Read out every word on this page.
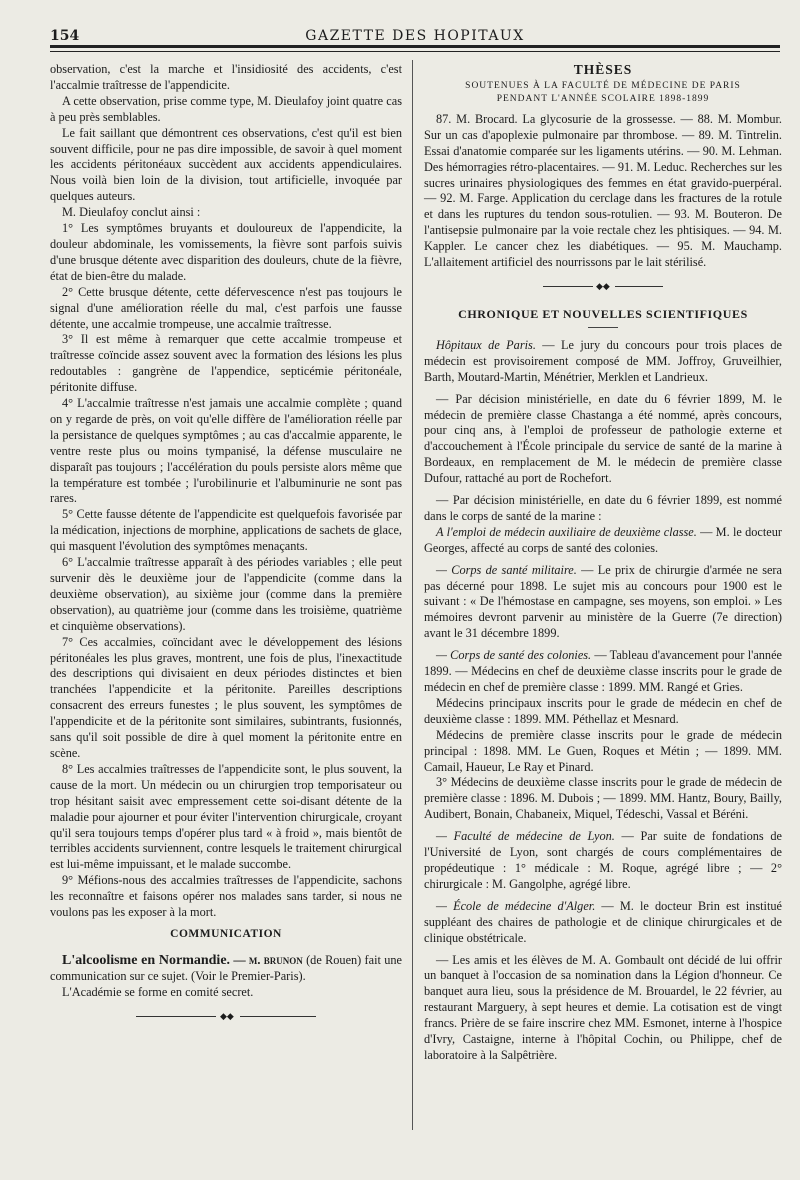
154	GAZETTE DES HOPITAUX

observation, c'est la marche et l'insidiosité des accidents, c'est l'accalmie traîtresse de l'appendicite.

A cette observation, prise comme type, M. Dieulafoy joint quatre cas à peu près semblables.

Le fait saillant que démontrent ces observations, c'est qu'il est bien souvent difficile, pour ne pas dire impossible, de savoir à quel moment les accidents péritonéaux succèdent aux accidents appendiculaires. Nous voilà bien loin de la division, tout artificielle, invoquée par quelques auteurs.

M. Dieulafoy conclut ainsi :

1° Les symptômes bruyants et douloureux de l'appendicite, la douleur abdominale, les vomissements, la fièvre sont parfois suivis d'une brusque détente avec disparition des douleurs, chute de la fièvre, état de bien-être du malade.

2° Cette brusque détente, cette défervescence n'est pas toujours le signal d'une amélioration réelle du mal, c'est parfois une fausse détente, une accalmie trompeuse, une accalmie traîtresse.

3° Il est même à remarquer que cette accalmie trompeuse et traîtresse coïncide assez souvent avec la formation des lésions les plus redoutables : gangrène de l'appendice, septicémie péritonéale, péritonite diffuse.

4° L'accalmie traîtresse n'est jamais une accalmie complète ; quand on y regarde de près, on voit qu'elle diffère de l'amélioration réelle par la persistance de quelques symptômes ; au cas d'accalmie apparente, le ventre reste plus ou moins tympanisé, la défense musculaire ne disparaît pas toujours ; l'accélération du pouls persiste alors même que la température est tombée ; l'urobilinurie et l'albuminurie ne sont pas rares.

5° Cette fausse détente de l'appendicite est quelquefois favorisée par la médication, injections de morphine, applications de sachets de glace, qui masquent l'évolution des symptômes menaçants.

6° L'accalmie traîtresse apparaît à des périodes variables ; elle peut survenir dès le deuxième jour de l'appendicite (comme dans la deuxième observation), au sixième jour (comme dans la première observation), au quatrième jour (comme dans les troisième, quatrième et cinquième observations).

7° Ces accalmies, coïncidant avec le développement des lésions péritonéales les plus graves, montrent, une fois de plus, l'inexactitude des descriptions qui divisaient en deux périodes distinctes et bien tranchées l'appendicite et la péritonite. Pareilles descriptions consacrent des erreurs funestes ; le plus souvent, les symptômes de l'appendicite et de la péritonite sont similaires, subintrants, fusionnés, sans qu'il soit possible de dire à quel moment la péritonite entre en scène.

8° Les accalmies traîtresses de l'appendicite sont, le plus souvent, la cause de la mort. Un médecin ou un chirurgien trop temporisateur ou trop hésitant saisit avec empressement cette soi-disant détente de la maladie pour ajourner et pour éviter l'intervention chirurgicale, croyant qu'il sera toujours temps d'opérer plus tard « à froid », mais bientôt de terribles accidents surviennent, contre lesquels le traitement chirurgical est lui-même impuissant, et le malade succombe.

9° Méfions-nous des accalmies traîtresses de l'appendicite, sachons les reconnaître et faisons opérer nos malades sans tarder, si nous ne voulons pas les exposer à la mort.

COMMUNICATION

L'alcoolisme en Normandie. — m. brunon (de Rouen) fait une communication sur ce sujet. (Voir le Premier-Paris).

L'Académie se forme en comité secret.

◆◆
THÈSES
SOUTENUES À LA FACULTÉ DE MÉDECINE DE PARIS
PENDANT L'ANNÉE SCOLAIRE 1898-1899

87. M. Brocard. La glycosurie de la grossesse. — 88. M. Mombur. Sur un cas d'apoplexie pulmonaire par thrombose. — 89. M. Tintrelin. Essai d'anatomie comparée sur les ligaments utérins. — 90. M. Lehman. Des hémorragies rétro-placentaires. — 91. M. Leduc. Recherches sur les sucres urinaires physiologiques des femmes en état gravido-puerpéral. — 92. M. Farge. Application du cerclage dans les fractures de la rotule et dans les ruptures du tendon sous-rotulien. — 93. M. Bouteron. De l'antisepsie pulmonaire par la voie rectale chez les phtisiques. — 94. M. Kappler. Le cancer chez les diabétiques. — 95. M. Mauchamp. L'allaitement artificiel des nourrissons par le lait stérilisé.

◆◆
CHRONIQUE ET NOUVELLES SCIENTIFIQUES

Hôpitaux de Paris. — Le jury du concours pour trois places de médecin est provisoirement composé de MM. Joffroy, Gruveilhier, Barth, Moutard-Martin, Ménétrier, Merklen et Landrieux.

— Par décision ministérielle, en date du 6 février 1899, M. le médecin de première classe Chastanga a été nommé, après concours, pour cinq ans, à l'emploi de professeur de pathologie externe et d'accouchement à l'École principale du service de santé de la marine à Bordeaux, en remplacement de M. le médecin de première classe Dufour, rattaché au port de Rochefort.

— Par décision ministérielle, en date du 6 février 1899, est nommé dans le corps de santé de la marine :

A l'emploi de médecin auxiliaire de deuxième classe. — M. le docteur Georges, affecté au corps de santé des colonies.

— Corps de santé militaire. — Le prix de chirurgie d'armée ne sera pas décerné pour 1898. Le sujet mis au concours pour 1900 est le suivant : « De l'hémostase en campagne, ses moyens, son emploi. » Les mémoires devront parvenir au ministère de la Guerre (7e direction) avant le 31 décembre 1899.

— Corps de santé des colonies. — Tableau d'avancement pour l'année 1899. — Médecins en chef de deuxième classe inscrits pour le grade de médecin en chef de première classe : 1899. MM. Rangé et Gries.

Médecins principaux inscrits pour le grade de médecin en chef de deuxième classe : 1899. MM. Péthellaz et Mesnard.

Médecins de première classe inscrits pour le grade de médecin principal : 1898. MM. Le Guen, Roques et Métin ; — 1899. MM. Camail, Haueur, Le Ray et Pinard.

3° Médecins de deuxième classe inscrits pour le grade de médecin de première classe : 1896. M. Dubois ; — 1899. MM. Hantz, Boury, Bailly, Audibert, Bonain, Chabaneix, Miquel, Tédeschi, Vassal et Béréni.

— Faculté de médecine de Lyon. — Par suite de fondations de l'Université de Lyon, sont chargés de cours complémentaires de propédeutique : 1° médicale : M. Roque, agrégé libre ; — 2° chirurgicale : M. Gangolphe, agrégé libre.

— École de médecine d'Alger. — M. le docteur Brin est institué suppléant des chaires de pathologie et de clinique chirurgicales et de clinique obstétricale.

— Les amis et les élèves de M. A. Gombault ont décidé de lui offrir un banquet à l'occasion de sa nomination dans la Légion d'honneur. Ce banquet aura lieu, sous la présidence de M. Brouardel, le 22 février, au restaurant Marguery, à sept heures et demie. La cotisation est de vingt francs. Prière de se faire inscrire chez MM. Esmonet, interne à l'hospice d'Ivry, Castaigne, interne à l'hôpital Cochin, ou Philippe, chef de laboratoire à la Salpêtrière.
